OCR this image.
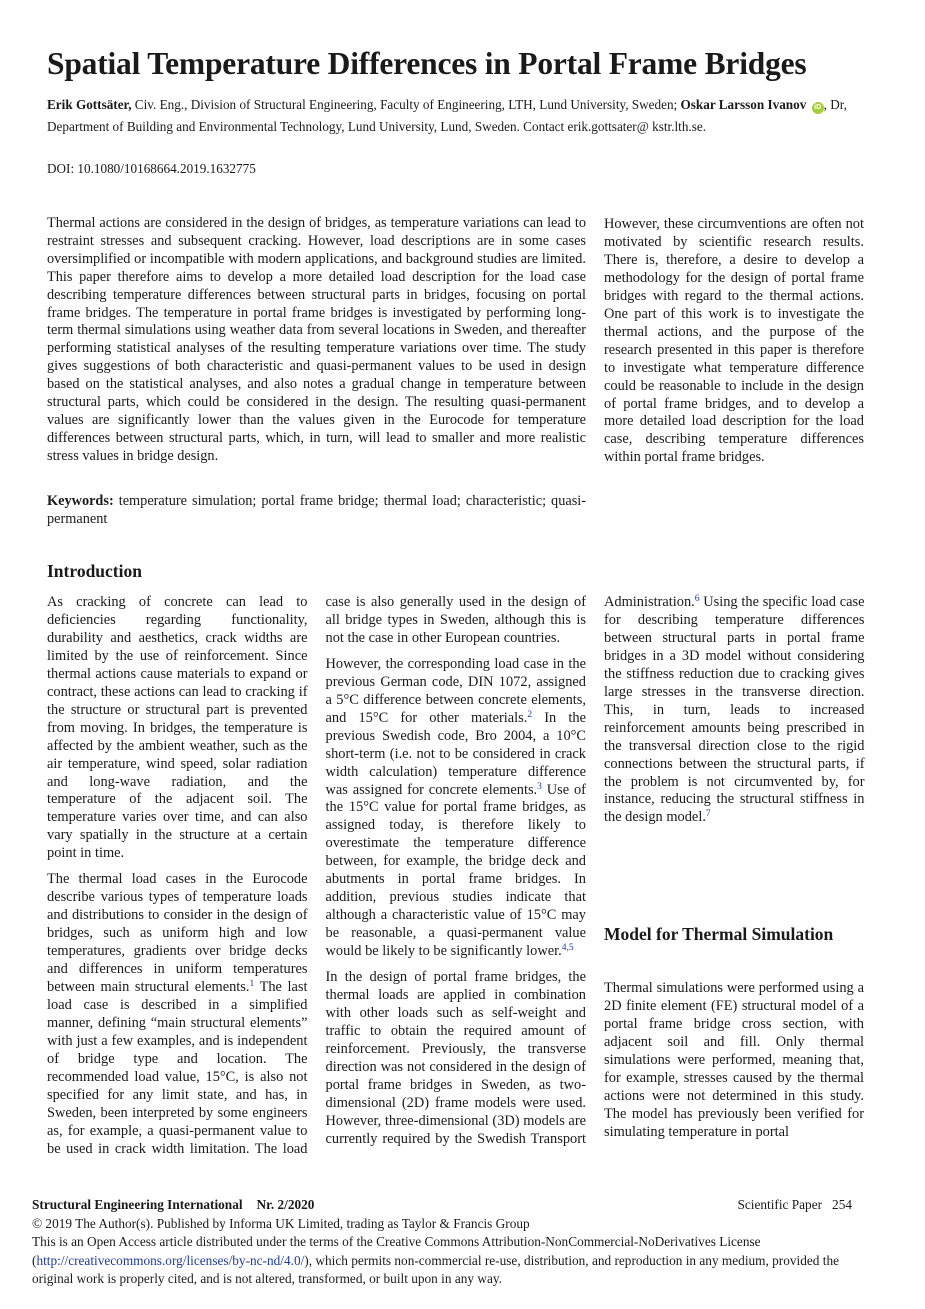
Spatial Temperature Differences in Portal Frame Bridges
Erik Gottsäter, Civ. Eng., Division of Structural Engineering, Faculty of Engineering, LTH, Lund University, Sweden; Oskar Larsson Ivanov iD , Dr, Department of Building and Environmental Technology, Lund University, Lund, Sweden. Contact erik.gottsater@ kstr.lth.se.
DOI: 10.1080/10168664.2019.1632775
Thermal actions are considered in the design of bridges, as temperature variations can lead to restraint stresses and subsequent cracking. However, load descriptions are in some cases oversimplified or incompatible with modern applications, and background studies are limited. This paper therefore aims to develop a more detailed load description for the load case describing temperature differences between structural parts in bridges, focusing on portal frame bridges. The temperature in portal frame bridges is investigated by performing long-term thermal simulations using weather data from several locations in Sweden, and thereafter performing statistical analyses of the resulting temperature variations over time. The study gives suggestions of both characteristic and quasi-permanent values to be used in design based on the statistical analyses, and also notes a gradual change in temperature between structural parts, which could be considered in the design. The resulting quasi-permanent values are significantly lower than the values given in the Eurocode for temperature differences between structural parts, which, in turn, will lead to smaller and more realistic stress values in bridge design.
Keywords: temperature simulation; portal frame bridge; thermal load; characteristic; quasi-permanent
Introduction
Model for Thermal Simulation

Thermal simulations were performed using a 2D finite element (FE) structural model of a portal frame bridge cross section, with adjacent soil and fill. Only thermal simulations were performed, meaning that, for example, stresses caused by the thermal actions were not determined in this study. The model has previously been verified for simulating temperature in portal

Structural Engineering International Nr. 2/2020	Scientific Paper 254
© 2019 The Author(s). Published by Informa UK Limited, trading as Taylor & Francis Group
This is an Open Access article distributed under the terms of the Creative Commons Attribution-NonCommercial-NoDerivatives License (http://creativecommons.org/licenses/by-nc-nd/4.0/), which permits non-commercial re-use, distribution, and reproduction in any medium, provided the original work is properly cited, and is not altered, transformed, or built upon in any way.

As cracking of concrete can lead to deficiencies regarding functionality, durability and aesthetics, crack widths are limited by the use of reinforcement. Since thermal actions cause materials to expand or contract, these actions can lead to cracking if the structure or structural part is prevented from moving. In bridges, the temperature is affected by the ambient weather, such as the air temperature, wind speed, solar radiation and long-wave radiation, and the temperature of the adjacent soil. The temperature varies over time, and can also vary spatially in the structure at a certain point in time.

The thermal load cases in the Eurocode describe various types of temperature loads and distributions to consider in the design of bridges, such as uniform high and low temperatures, gradients over bridge decks and differences in uniform temperatures between main structural elements.$^1$ The last load case is described in a simplified manner, defining “main structural elements” with just a few examples, and is independent of bridge type and location. The recommended load value, 15°C, is also not specified for any limit state, and has, in Sweden, been interpreted by some engineers as, for example, a quasi-permanent value to be used in crack width limitation. The load case is also generally used in the design of all bridge types in Sweden, although this is not the case in other European countries.

However, the corresponding load case in the previous German code, DIN 1072, assigned a 5°C difference between concrete elements, and 15°C for other materials.$^2$ In the previous Swedish code, Bro 2004, a 10°C short-term (i.e. not to be considered in crack width calculation) temperature difference was assigned for concrete elements.$^3$ Use of the 15°C value for portal frame bridges, as assigned today, is therefore likely to overestimate the temperature difference between, for example, the bridge deck and abutments in portal frame bridges. In addition, previous studies indicate that although a characteristic value of 15°C may be reasonable, a quasi-permanent value would be likely to be significantly lower.$^{4,5}$

In the design of portal frame bridges, the thermal loads are applied in combination with other loads such as self-weight and traffic to obtain the required amount of reinforcement. Previously, the transverse direction was not considered in the design of portal frame bridges in Sweden, as two-dimensional (2D) frame models were used. However, three-dimensional (3D) models are currently required by the Swedish Transport Administration.$^6$ Using the specific load case for describing temperature differences between structural parts in portal frame bridges in a 3D model without considering the stiffness reduction due to cracking gives large stresses in the transverse direction. This, in turn, leads to increased reinforcement amounts being prescribed in the transversal direction close to the rigid connections between the structural parts, if the problem is not circumvented by, for instance, reducing the structural stiffness in the design model.$^7$

However, these circumventions are often not motivated by scientific research results. There is, therefore, a desire to develop a methodology for the design of portal frame bridges with regard to the thermal actions. One part of this work is to investigate the thermal actions, and the purpose of the research presented in this paper is therefore to investigate what temperature difference could be reasonable to include in the design of portal frame bridges, and to develop a more detailed load description for the load case, describing temperature differences within portal frame bridges.
